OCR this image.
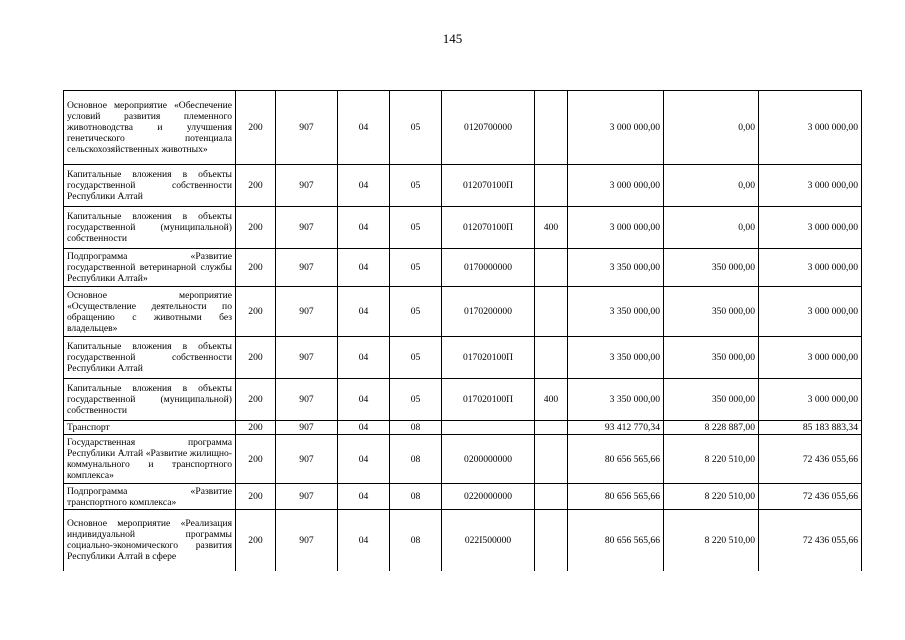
145
Основное мероприятие «Обеспечение условий развития племенного животноводства и улучшения генетического потенциала сельскохозяйственных животных»	200	907	04	05	0120700000		3 000 000,00	0,00	3 000 000,00
Капитальные вложения в объекты государственной собственности Республики Алтай	200	907	04	05	012070100П		3 000 000,00	0,00	3 000 000,00
Капитальные вложения в объекты государственной (муниципальной) собственности	200	907	04	05	012070100П	400	3 000 000,00	0,00	3 000 000,00
Подпрограмма «Развитие государственной ветеринарной службы Республики Алтай»	200	907	04	05	0170000000		3 350 000,00	350 000,00	3 000 000,00
Основное мероприятие «Осуществление деятельности по обращению с животными без владельцев»	200	907	04	05	0170200000		3 350 000,00	350 000,00	3 000 000,00
Капитальные вложения в объекты государственной собственности Республики Алтай	200	907	04	05	017020100П		3 350 000,00	350 000,00	3 000 000,00
Капитальные вложения в объекты государственной (муниципальной) собственности	200	907	04	05	017020100П	400	3 350 000,00	350 000,00	3 000 000,00
Транспорт	200	907	04	08			93 412 770,34	8 228 887,00	85 183 883,34
Государственная программа Республики Алтай «Развитие жилищно-коммунального и транспортного комплекса»	200	907	04	08	0200000000		80 656 565,66	8 220 510,00	72 436 055,66
Подпрограмма «Развитие транспортного комплекса»	200	907	04	08	0220000000		80 656 565,66	8 220 510,00	72 436 055,66
Основное мероприятие «Реализация индивидуальной программы социально-экономического развития Республики Алтай в сфере	200	907	04	08	022I500000		80 656 565,66	8 220 510,00	72 436 055,66
